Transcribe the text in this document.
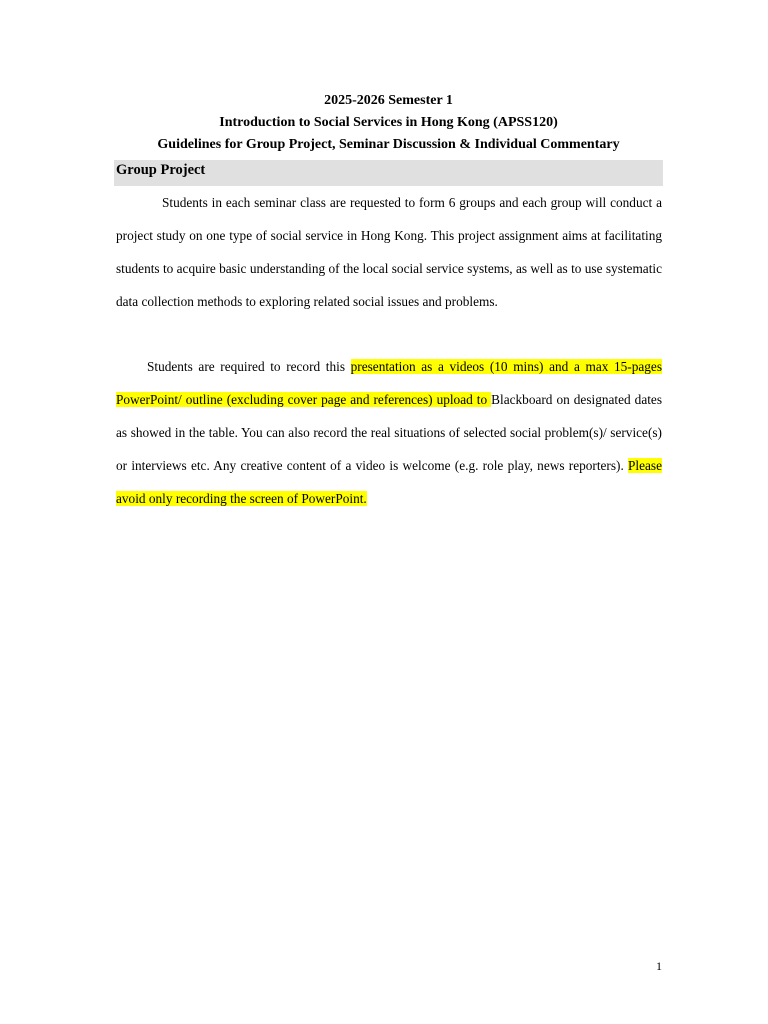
2025-2026 Semester 1
Introduction to Social Services in Hong Kong (APSS120)
Guidelines for Group Project, Seminar Discussion & Individual Commentary
Group Project

Students in each seminar class are requested to form 6 groups and each group will conduct a project study on one type of social service in Hong Kong. This project assignment aims at facilitating students to acquire basic understanding of the local social service systems, as well as to use systematic data collection methods to exploring related social issues and problems.

Students are required to record this presentation as a videos (10 mins) and a max 15-pages PowerPoint/ outline (excluding cover page and references) upload to Blackboard on designated dates as showed in the table. You can also record the real situations of selected social problem(s)/ service(s) or interviews etc. Any creative content of a video is welcome (e.g. role play, news reporters). Please avoid only recording the screen of PowerPoint.

1
